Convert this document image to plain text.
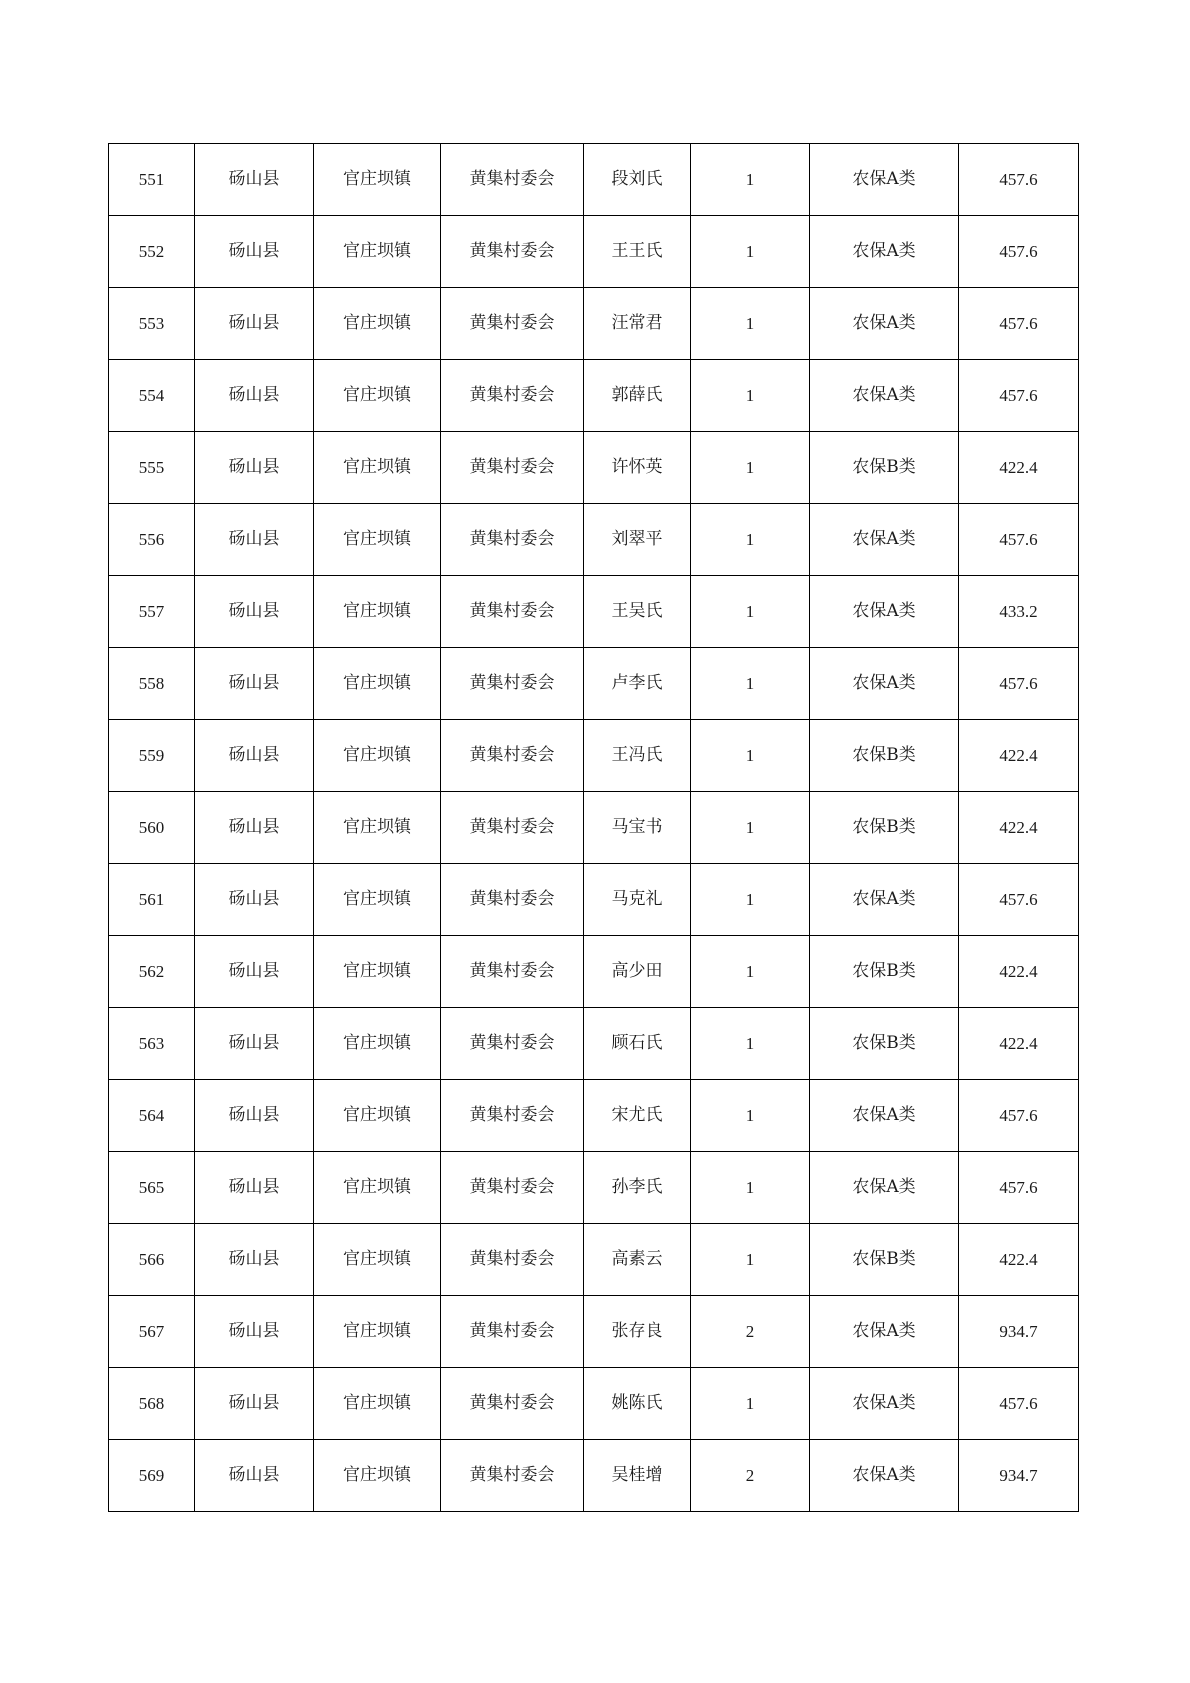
551	砀山县	官庄坝镇	黄集村委会	段刘氏	1	农保A类	457.6
552	砀山县	官庄坝镇	黄集村委会	王王氏	1	农保A类	457.6
553	砀山县	官庄坝镇	黄集村委会	汪常君	1	农保A类	457.6
554	砀山县	官庄坝镇	黄集村委会	郭薛氏	1	农保A类	457.6
555	砀山县	官庄坝镇	黄集村委会	许怀英	1	农保B类	422.4
556	砀山县	官庄坝镇	黄集村委会	刘翠平	1	农保A类	457.6
557	砀山县	官庄坝镇	黄集村委会	王吴氏	1	农保A类	433.2
558	砀山县	官庄坝镇	黄集村委会	卢李氏	1	农保A类	457.6
559	砀山县	官庄坝镇	黄集村委会	王冯氏	1	农保B类	422.4
560	砀山县	官庄坝镇	黄集村委会	马宝书	1	农保B类	422.4
561	砀山县	官庄坝镇	黄集村委会	马克礼	1	农保A类	457.6
562	砀山县	官庄坝镇	黄集村委会	高少田	1	农保B类	422.4
563	砀山县	官庄坝镇	黄集村委会	顾石氏	1	农保B类	422.4
564	砀山县	官庄坝镇	黄集村委会	宋尤氏	1	农保A类	457.6
565	砀山县	官庄坝镇	黄集村委会	孙李氏	1	农保A类	457.6
566	砀山县	官庄坝镇	黄集村委会	高素云	1	农保B类	422.4
567	砀山县	官庄坝镇	黄集村委会	张存良	2	农保A类	934.7
568	砀山县	官庄坝镇	黄集村委会	姚陈氏	1	农保A类	457.6
569	砀山县	官庄坝镇	黄集村委会	吴桂增	2	农保A类	934.7
